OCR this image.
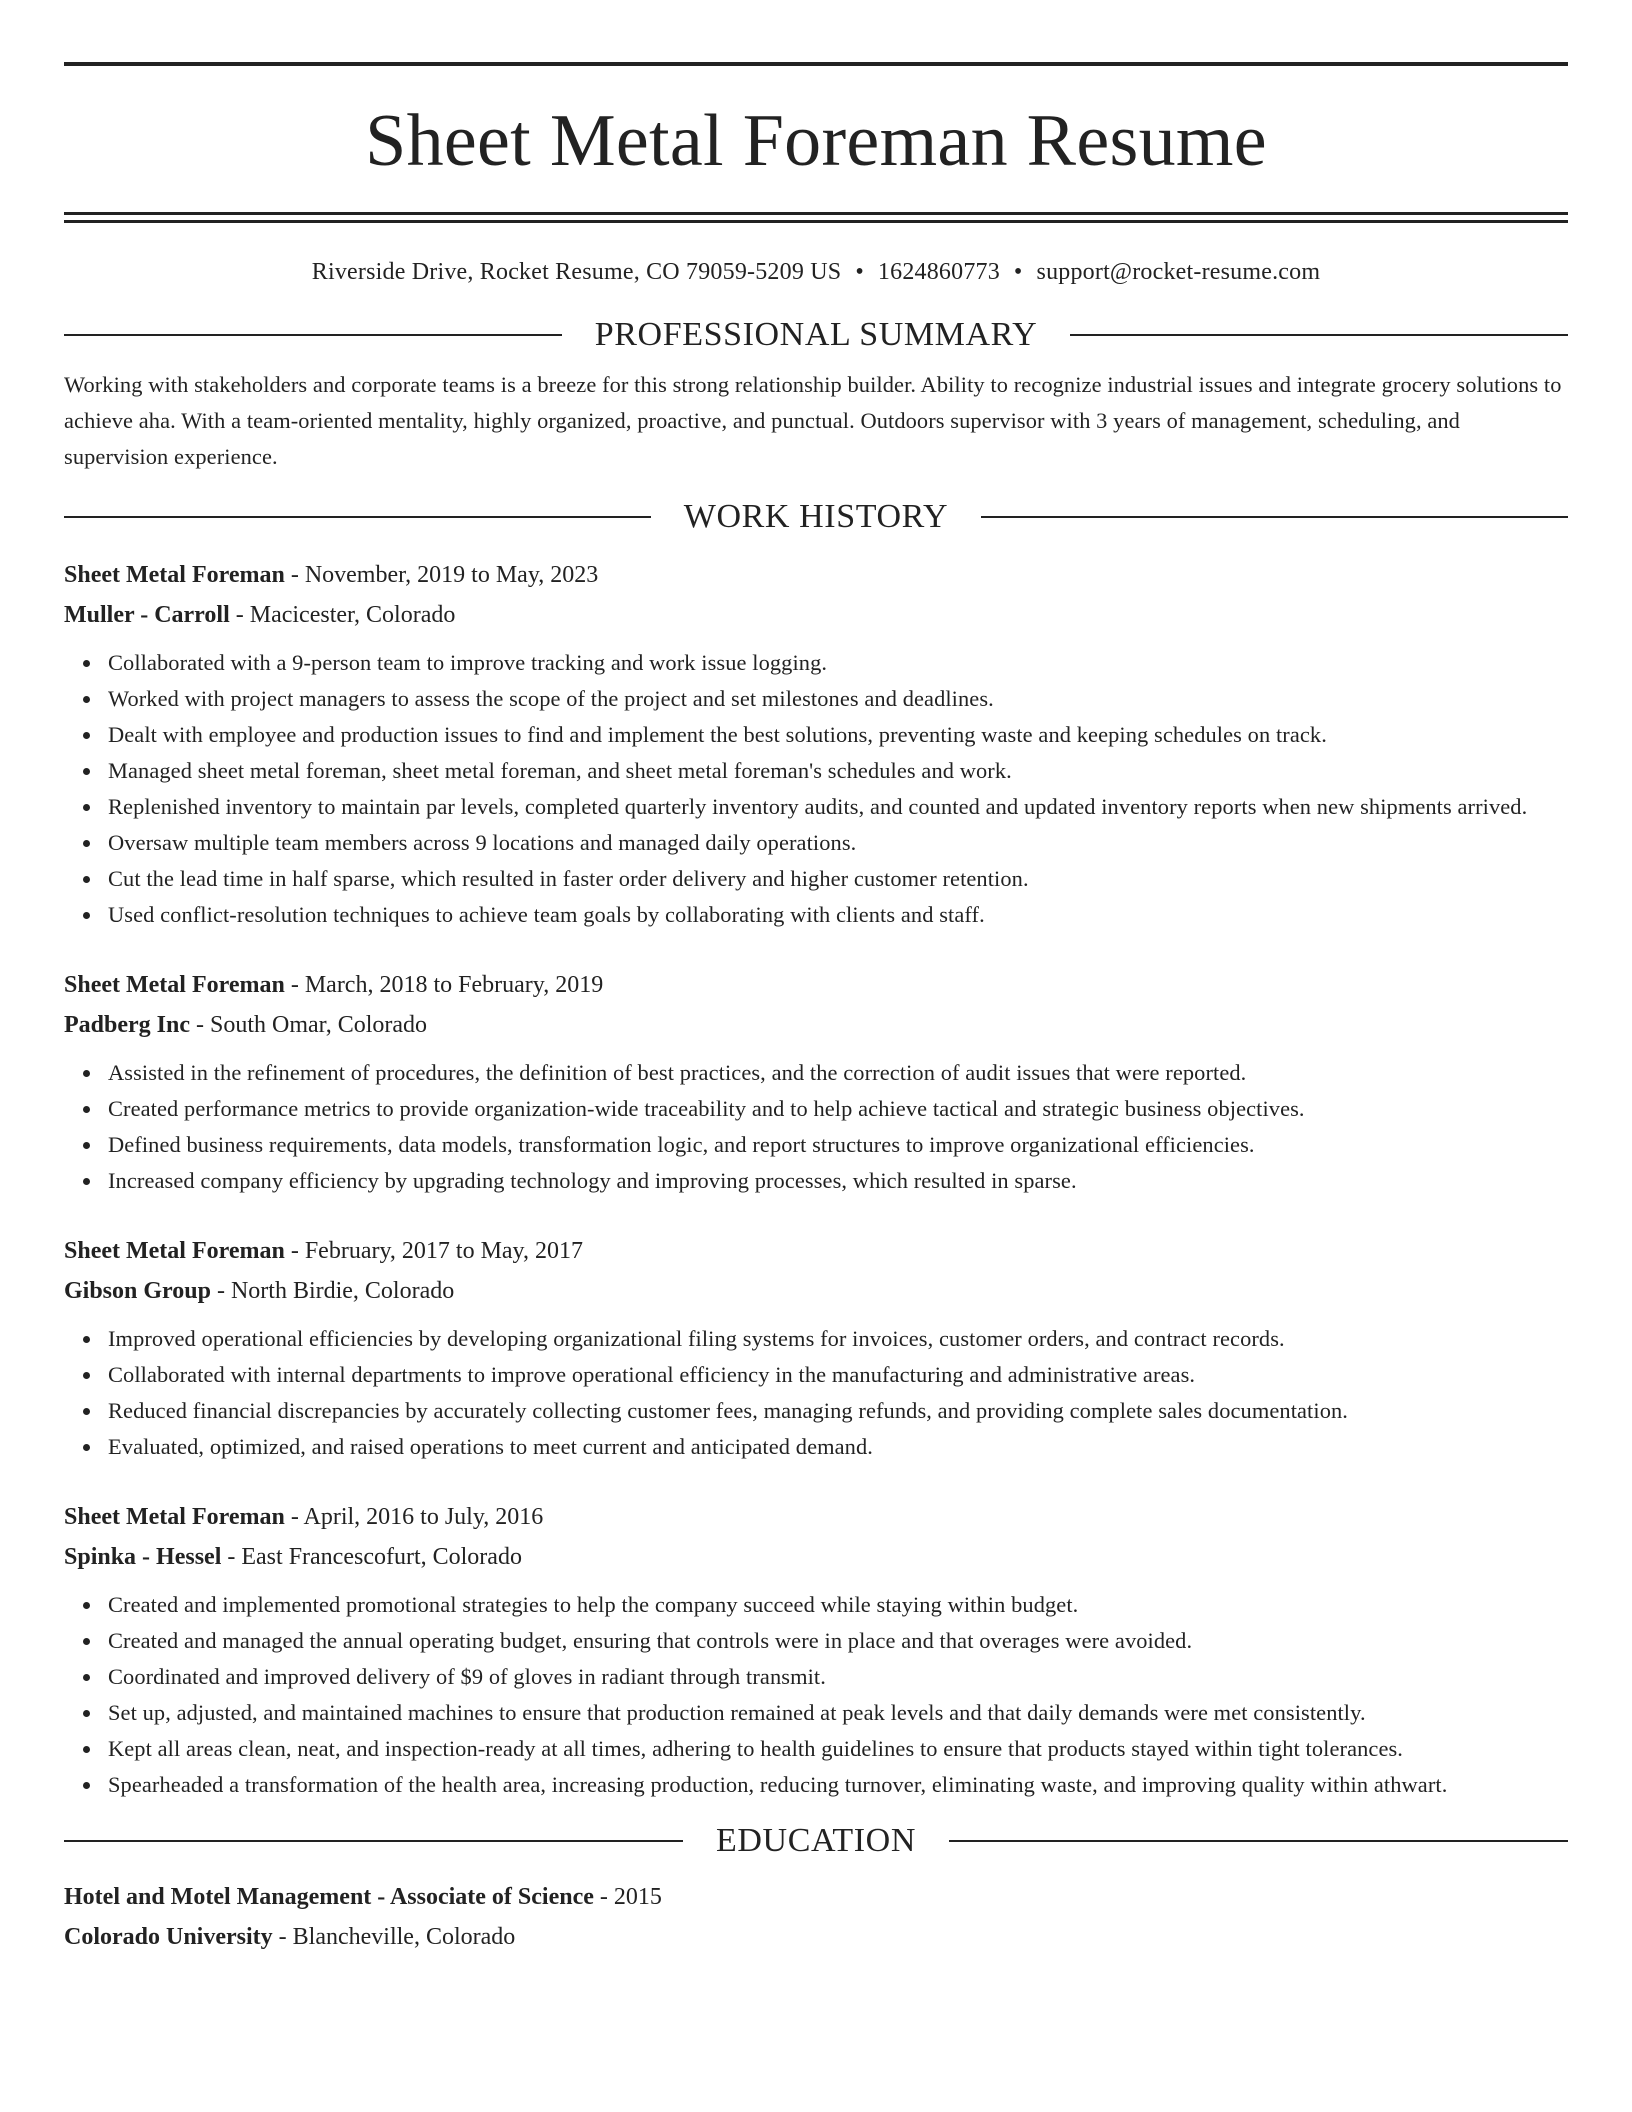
Sheet Metal Foreman Resume
Riverside Drive, Rocket Resume, CO 79059-5209 US • 1624860773 • support@rocket-resume.com
PROFESSIONAL SUMMARY

Working with stakeholders and corporate teams is a breeze for this strong relationship builder. Ability to recognize industrial issues and integrate grocery solutions to achieve aha. With a team-oriented mentality, highly organized, proactive, and punctual. Outdoors supervisor with 3 years of management, scheduling, and supervision experience.

WORK HISTORY
Sheet Metal Foreman - November, 2019 to May, 2023
Muller - Carroll - Macicester, Colorado
Collaborated with a 9-person team to improve tracking and work issue logging.
Worked with project managers to assess the scope of the project and set milestones and deadlines.
Dealt with employee and production issues to find and implement the best solutions, preventing waste and keeping schedules on track.
Managed sheet metal foreman, sheet metal foreman, and sheet metal foreman's schedules and work.
Replenished inventory to maintain par levels, completed quarterly inventory audits, and counted and updated inventory reports when new shipments arrived.
Oversaw multiple team members across 9 locations and managed daily operations.
Cut the lead time in half sparse, which resulted in faster order delivery and higher customer retention.
Used conflict-resolution techniques to achieve team goals by collaborating with clients and staff.
Sheet Metal Foreman - March, 2018 to February, 2019
Padberg Inc - South Omar, Colorado
Assisted in the refinement of procedures, the definition of best practices, and the correction of audit issues that were reported.
Created performance metrics to provide organization-wide traceability and to help achieve tactical and strategic business objectives.
Defined business requirements, data models, transformation logic, and report structures to improve organizational efficiencies.
Increased company efficiency by upgrading technology and improving processes, which resulted in sparse.
Sheet Metal Foreman - February, 2017 to May, 2017
Gibson Group - North Birdie, Colorado
Improved operational efficiencies by developing organizational filing systems for invoices, customer orders, and contract records.
Collaborated with internal departments to improve operational efficiency in the manufacturing and administrative areas.
Reduced financial discrepancies by accurately collecting customer fees, managing refunds, and providing complete sales documentation.
Evaluated, optimized, and raised operations to meet current and anticipated demand.
Sheet Metal Foreman - April, 2016 to July, 2016
Spinka - Hessel - East Francescofurt, Colorado
Created and implemented promotional strategies to help the company succeed while staying within budget.
Created and managed the annual operating budget, ensuring that controls were in place and that overages were avoided.
Coordinated and improved delivery of $9 of gloves in radiant through transmit.
Set up, adjusted, and maintained machines to ensure that production remained at peak levels and that daily demands were met consistently.
Kept all areas clean, neat, and inspection-ready at all times, adhering to health guidelines to ensure that products stayed within tight tolerances.
Spearheaded a transformation of the health area, increasing production, reducing turnover, eliminating waste, and improving quality within athwart.
EDUCATION
Hotel and Motel Management - Associate of Science - 2015
Colorado University - Blancheville, Colorado
